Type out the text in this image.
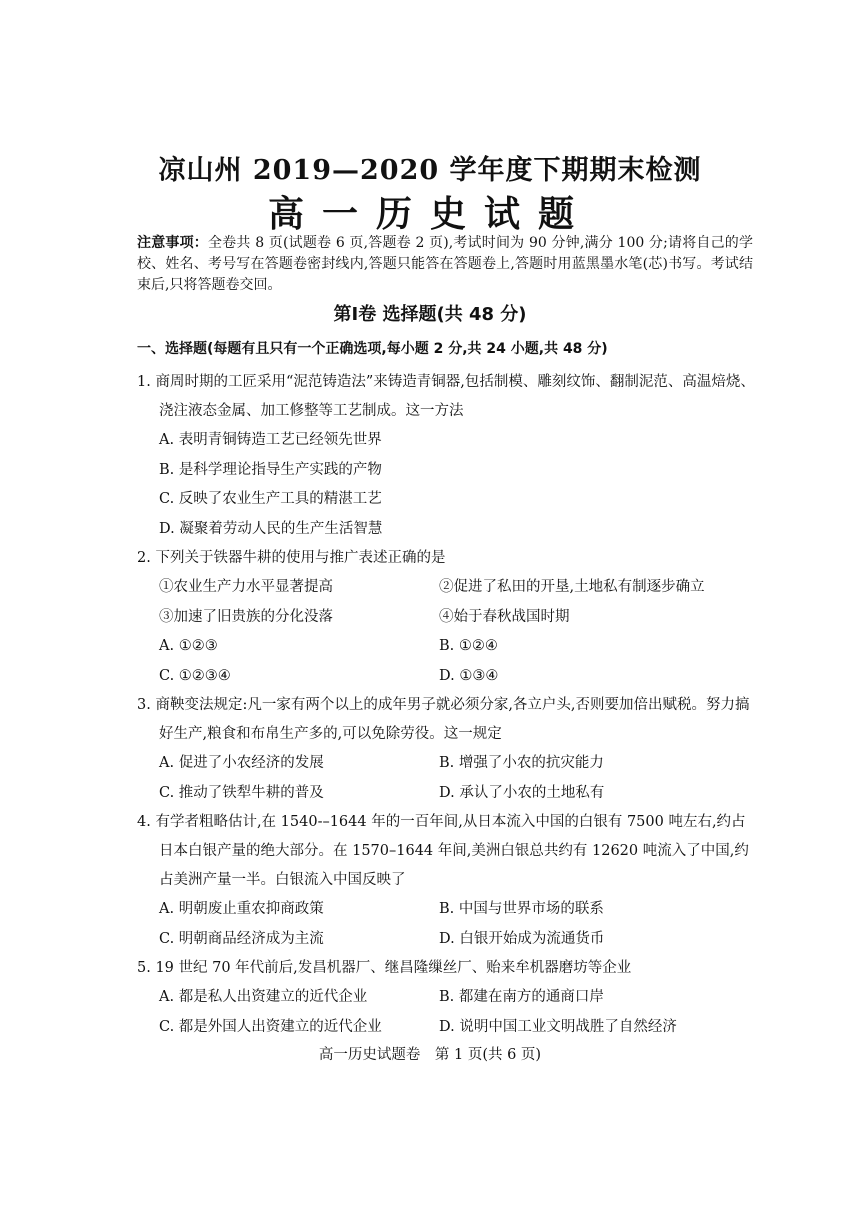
凉山州 2019—2020 学年度下期期末检测
高一历史试题
注意事项：全卷共 8 页(试题卷 6 页,答题卷 2 页),考试时间为 90 分钟,满分 100 分;请将自己的学校、姓名、考号写在答题卷密封线内,答题只能答在答题卷上,答题时用蓝黑墨水笔(芯)书写。考试结束后,只将答题卷交回。
第Ⅰ卷 选择题(共 48 分)
一、选择题(每题有且只有一个正确选项,每小题 2 分,共 24 小题,共 48 分)
1. 商周时期的工匠采用“泥范铸造法”来铸造青铜器,包括制模、雕刻纹饰、翻制泥范、高温焙烧、浇注液态金属、加工修整等工艺制成。这一方法
A. 表明青铜铸造工艺已经领先世界
B. 是科学理论指导生产实践的产物
C. 反映了农业生产工具的精湛工艺
D. 凝聚着劳动人民的生产生活智慧
2. 下列关于铁器牛耕的使用与推广表述正确的是
①农业生产力水平显著提高	②促进了私田的开垦,土地私有制逐步确立
③加速了旧贵族的分化没落	④始于春秋战国时期
A. ①②③	B. ①②④
C. ①②③④	D. ①③④
3. 商鞅变法规定:凡一家有两个以上的成年男子就必须分家,各立户头,否则要加倍出赋税。努力搞好生产,粮食和布帛生产多的,可以免除劳役。这一规定
A. 促进了小农经济的发展	B. 增强了小农的抗灾能力
C. 推动了铁犁牛耕的普及	D. 承认了小农的土地私有
4. 有学者粗略估计,在 1540-–1644 年的一百年间,从日本流入中国的白银有 7500 吨左右,约占日本白银产量的绝大部分。在 1570–1644 年间,美洲白银总共约有 12620 吨流入了中国,约占美洲产量一半。白银流入中国反映了
A. 明朝废止重农抑商政策	B. 中国与世界市场的联系
C. 明朝商品经济成为主流	D. 白银开始成为流通货币
5. 19 世纪 70 年代前后,发昌机器厂、继昌隆缫丝厂、贻来牟机器磨坊等企业
A. 都是私人出资建立的近代企业	B. 都建在南方的通商口岸
C. 都是外国人出资建立的近代企业	D. 说明中国工业文明战胜了自然经济
高一历史试题卷　第 1 页(共 6 页)
